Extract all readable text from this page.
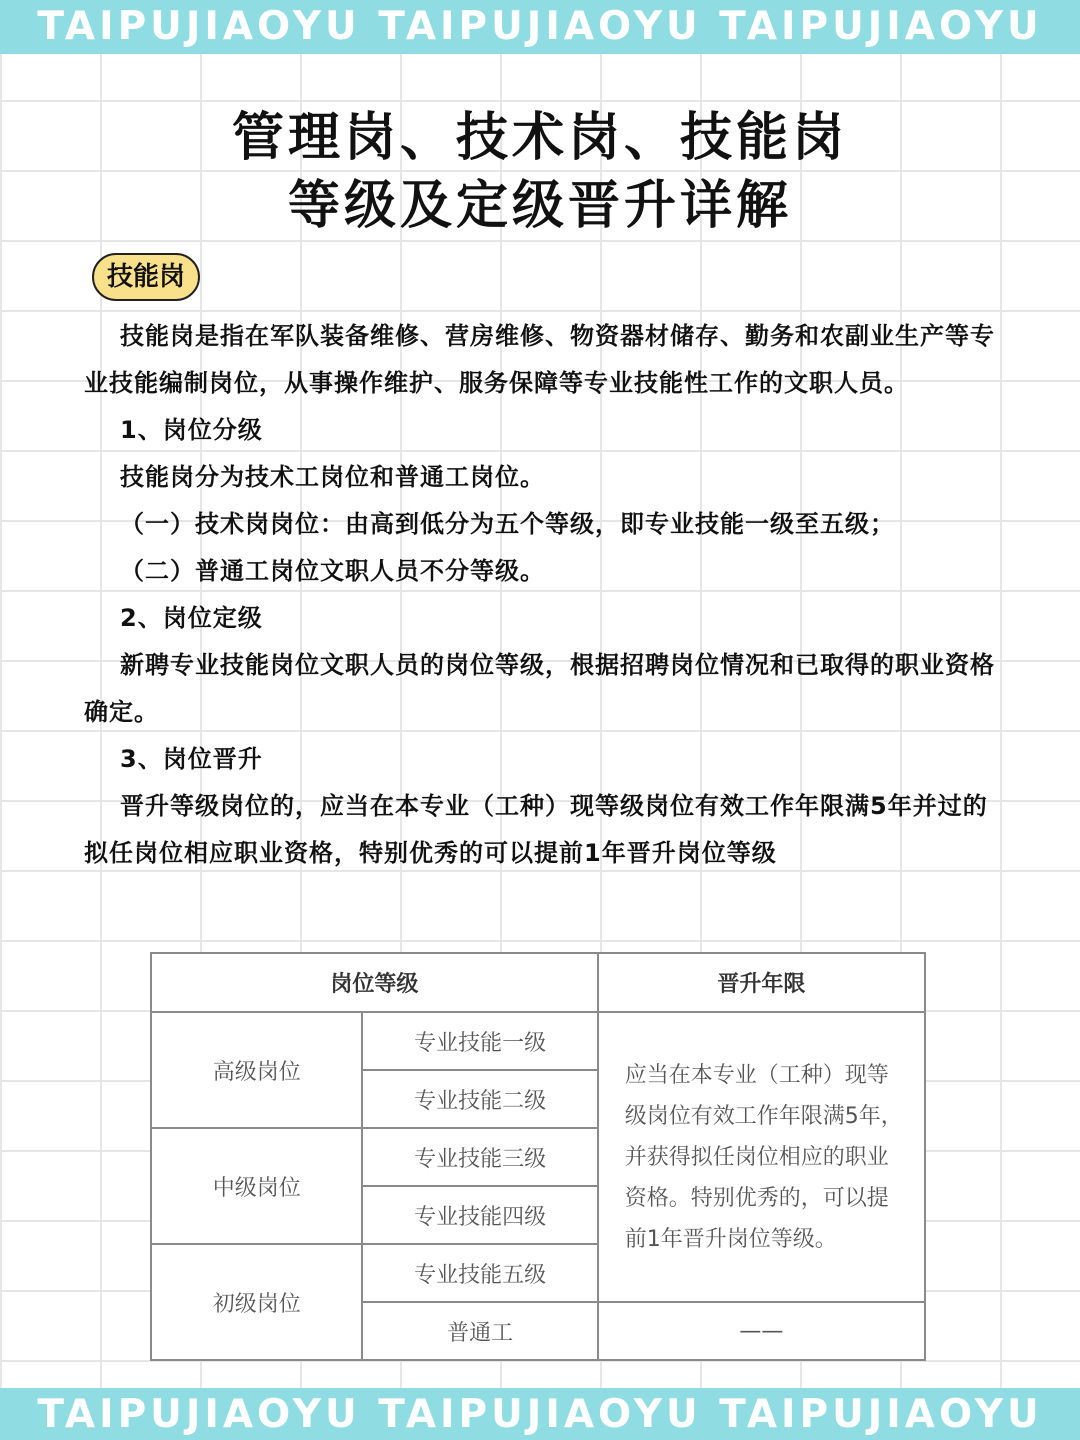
TAIPUJIAOYU TAIPUJIAOYU TAIPUJIAOYU
管理岗、技术岗、技能岗
等级及定级晋升详解
技能岗

技能岗是指在军队装备维修、营房维修、物资器材储存、勤务和农副业生产等专业技能编制岗位，从事操作维护、服务保障等专业技能性工作的文职人员。

1、岗位分级

技能岗分为技术工岗位和普通工岗位。

（一）技术岗岗位：由高到低分为五个等级，即专业技能一级至五级；

（二）普通工岗位文职人员不分等级。

2、岗位定级

新聘专业技能岗位文职人员的岗位等级，根据招聘岗位情况和已取得的职业资格确定。

3、岗位晋升

晋升等级岗位的，应当在本专业（工种）现等级岗位有效工作年限满5年并过的拟任岗位相应职业资格，特别优秀的可以提前1年晋升岗位等级

岗位等级		晋升年限
高级岗位	专业技能一级	应当在本专业（工种）现等级岗位有效工作年限满5年，并获得拟任岗位相应的职业资格。特别优秀的，可以提前1年晋升岗位等级。
	专业技能二级	
中级岗位	专业技能三级	
	专业技能四级	
初级岗位	专业技能五级	
	普通工	——
TAIPUJIAOYU TAIPUJIAOYU TAIPUJIAOYU
